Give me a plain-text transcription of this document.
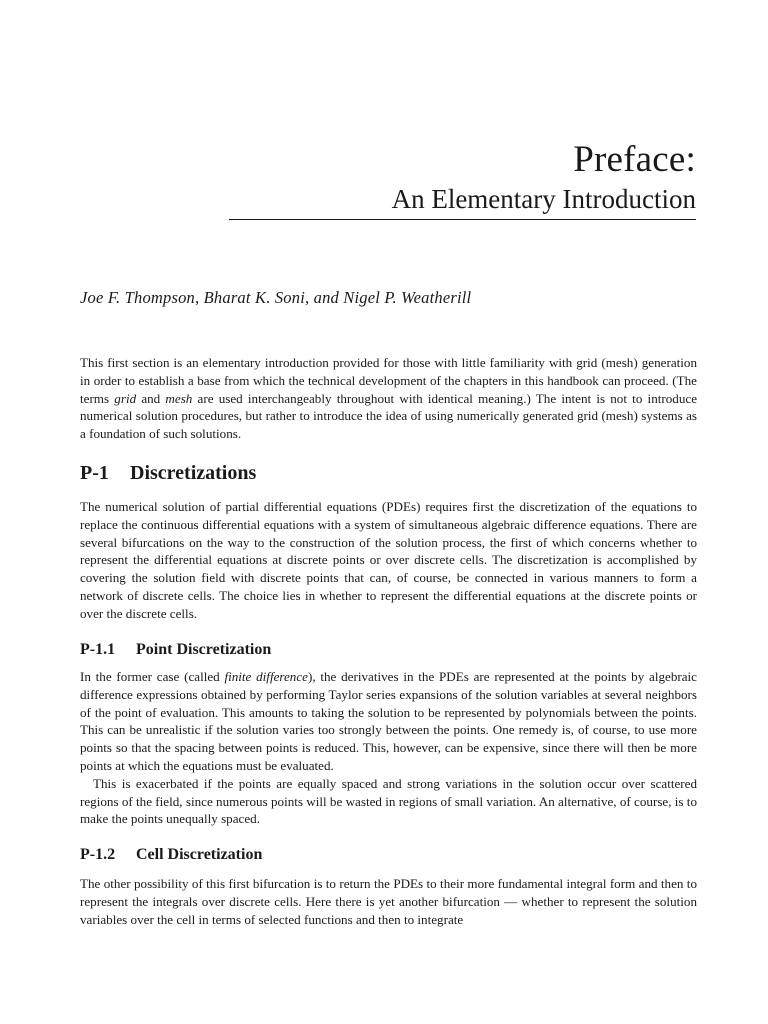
Preface:
An Elementary Introduction
Joe F. Thompson, Bharat K. Soni, and Nigel P. Weatherill

This first section is an elementary introduction provided for those with little familiarity with grid (mesh) generation in order to establish a base from which the technical development of the chapters in this handbook can proceed. (The terms grid and mesh are used interchangeably throughout with identical meaning.) The intent is not to introduce numerical solution procedures, but rather to introduce the idea of using numerically generated grid (mesh) systems as a foundation of such solutions.

P-1 Discretizations

The numerical solution of partial differential equations (PDEs) requires first the discretization of the equations to replace the continuous differential equations with a system of simultaneous algebraic difference equations. There are several bifurcations on the way to the construction of the solution process, the first of which concerns whether to represent the differential equations at discrete points or over discrete cells. The discretization is accomplished by covering the solution field with discrete points that can, of course, be connected in various manners to form a network of discrete cells. The choice lies in whether to represent the differential equations at the discrete points or over the discrete cells.

P-1.1 Point Discretization

In the former case (called finite difference), the derivatives in the PDEs are represented at the points by algebraic difference expressions obtained by performing Taylor series expansions of the solution variables at several neighbors of the point of evaluation. This amounts to taking the solution to be represented by polynomials between the points. This can be unrealistic if the solution varies too strongly between the points. One remedy is, of course, to use more points so that the spacing between points is reduced. This, however, can be expensive, since there will then be more points at which the equations must be evaluated.

This is exacerbated if the points are equally spaced and strong variations in the solution occur over scattered regions of the field, since numerous points will be wasted in regions of small variation. An alternative, of course, is to make the points unequally spaced.

P-1.2 Cell Discretization

The other possibility of this first bifurcation is to return the PDEs to their more fundamental integral form and then to represent the integrals over discrete cells. Here there is yet another bifurcation — whether to represent the solution variables over the cell in terms of selected functions and then to integrate
